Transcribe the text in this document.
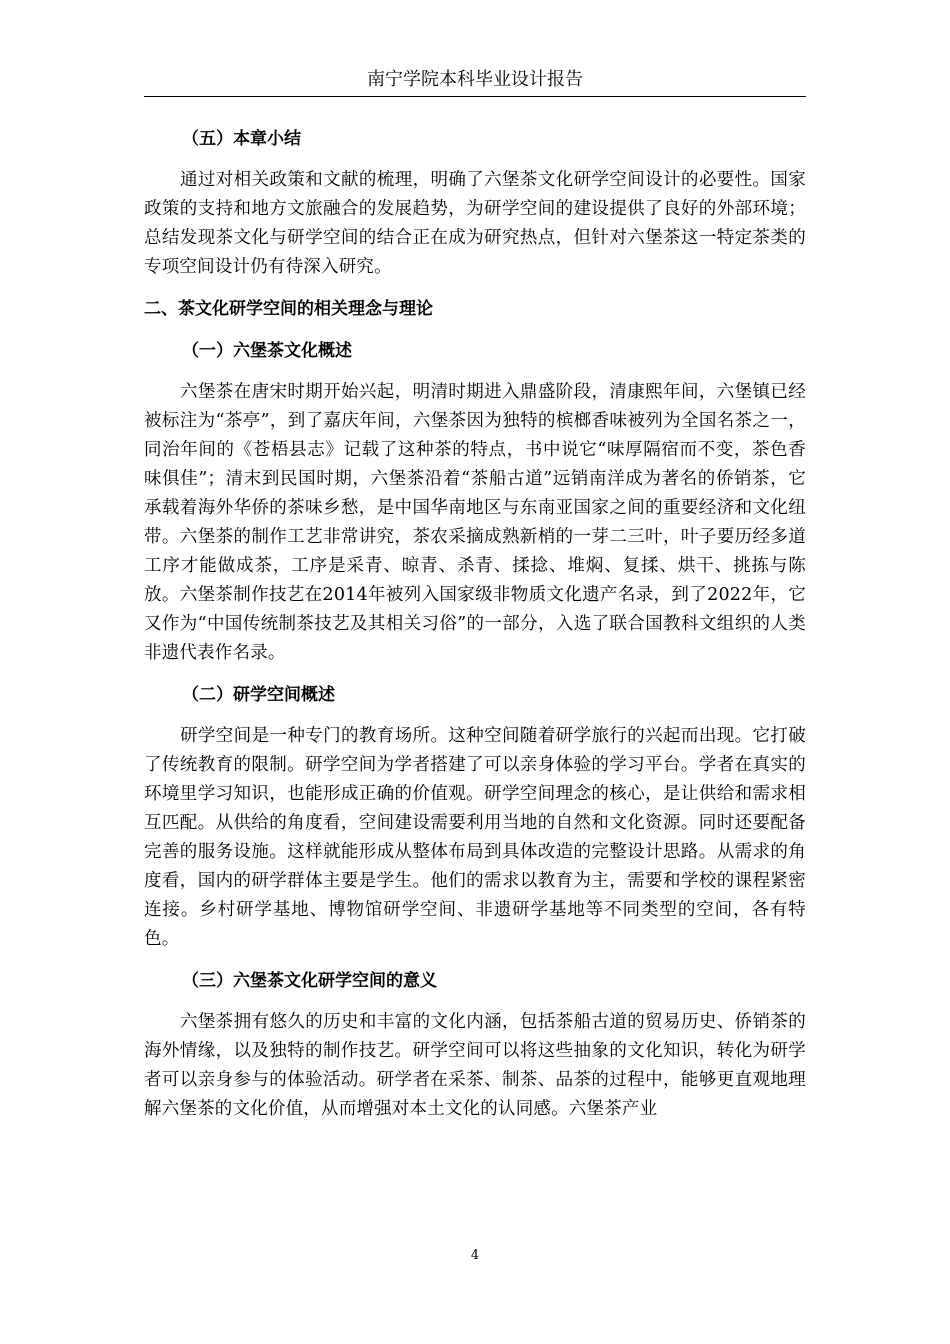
南宁学院本科毕业设计报告
（五）本章小结

通过对相关政策和文献的梳理，明确了六堡茶文化研学空间设计的必要性。国家政策的支持和地方文旅融合的发展趋势，为研学空间的建设提供了良好的外部环境；总结发现茶文化与研学空间的结合正在成为研究热点，但针对六堡茶这一特定茶类的专项空间设计仍有待深入研究。

二、茶文化研学空间的相关理念与理论
（一）六堡茶文化概述

六堡茶在唐宋时期开始兴起，明清时期进入鼎盛阶段，清康熙年间，六堡镇已经被标注为“茶亭”，到了嘉庆年间，六堡茶因为独特的槟榔香味被列为全国名茶之一，同治年间的《苍梧县志》记载了这种茶的特点，书中说它“味厚隔宿而不变，茶色香味俱佳”；清末到民国时期，六堡茶沿着“茶船古道”远销南洋成为著名的侨销茶，它承载着海外华侨的茶味乡愁，是中国华南地区与东南亚国家之间的重要经济和文化纽带。六堡茶的制作工艺非常讲究，茶农采摘成熟新梢的一芽二三叶，叶子要历经多道工序才能做成茶，工序是采青、晾青、杀青、揉捻、堆焖、复揉、烘干、挑拣与陈放。六堡茶制作技艺在2014年被列入国家级非物质文化遗产名录，到了2022年，它又作为“中国传统制茶技艺及其相关习俗”的一部分，入选了联合国教科文组织的人类非遗代表作名录。

（二）研学空间概述

研学空间是一种专门的教育场所。这种空间随着研学旅行的兴起而出现。它打破了传统教育的限制。研学空间为学者搭建了可以亲身体验的学习平台。学者在真实的环境里学习知识，也能形成正确的价值观。研学空间理念的核心，是让供给和需求相互匹配。从供给的角度看，空间建设需要利用当地的自然和文化资源。同时还要配备完善的服务设施。这样就能形成从整体布局到具体改造的完整设计思路。从需求的角度看，国内的研学群体主要是学生。他们的需求以教育为主，需要和学校的课程紧密连接。乡村研学基地、博物馆研学空间、非遗研学基地等不同类型的空间，各有特色。

（三）六堡茶文化研学空间的意义

六堡茶拥有悠久的历史和丰富的文化内涵，包括茶船古道的贸易历史、侨销茶的海外情缘，以及独特的制作技艺。研学空间可以将这些抽象的文化知识，转化为研学者可以亲身参与的体验活动。研学者在采茶、制茶、品茶的过程中，能够更直观地理解六堡茶的文化价值，从而增强对本土文化的认同感。六堡茶产业

4
